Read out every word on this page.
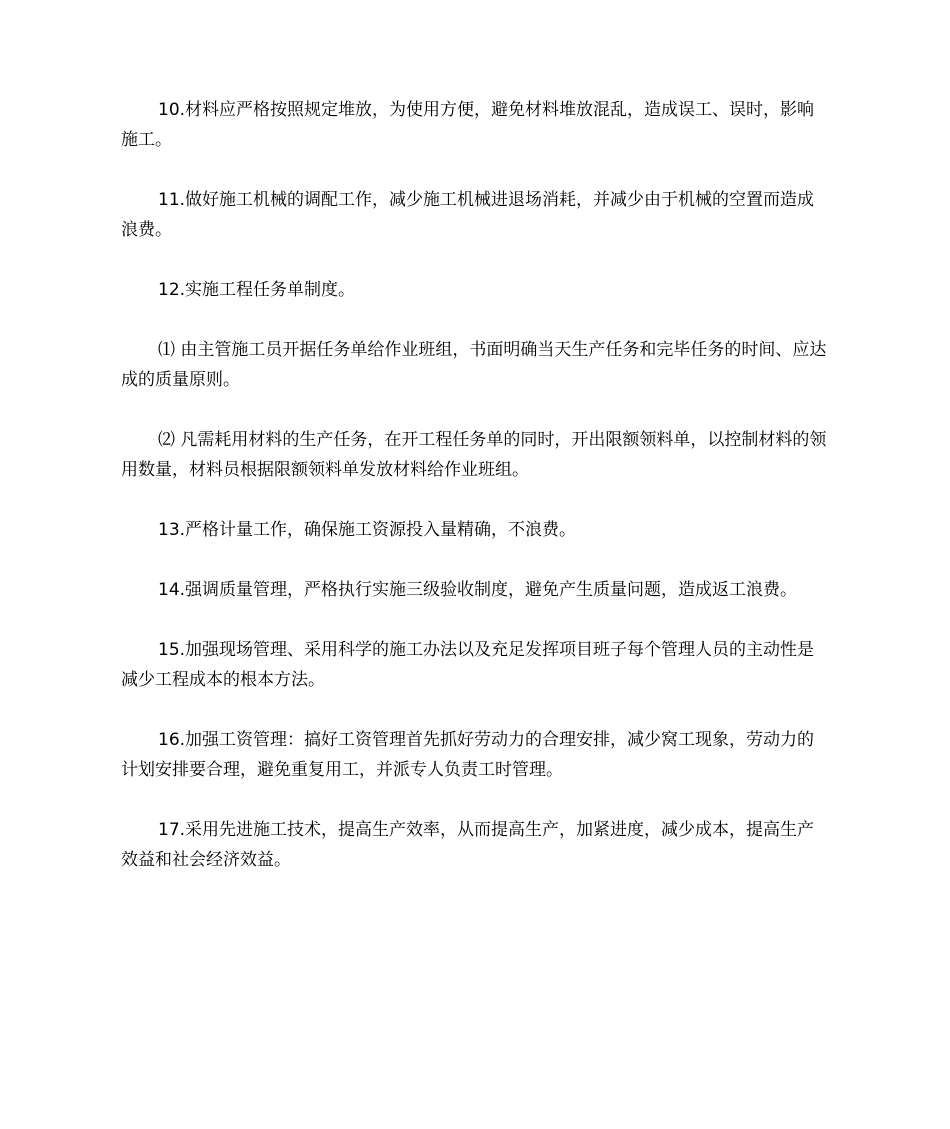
10.材料应严格按照规定堆放，为使用方便，避免材料堆放混乱，造成误工、误时，影响施工。

11.做好施工机械的调配工作，减少施工机械进退场消耗，并减少由于机械的空置而造成浪费。

12.实施工程任务单制度。

⑴ 由主管施工员开据任务单给作业班组，书面明确当天生产任务和完毕任务的时间、应达成的质量原则。

⑵ 凡需耗用材料的生产任务，在开工程任务单的同时，开出限额领料单，以控制材料的领用数量，材料员根据限额领料单发放材料给作业班组。

13.严格计量工作，确保施工资源投入量精确，不浪费。

14.强调质量管理，严格执行实施三级验收制度，避免产生质量问题，造成返工浪费。

15.加强现场管理、采用科学的施工办法以及充足发挥项目班子每个管理人员的主动性是减少工程成本的根本方法。

16.加强工资管理：搞好工资管理首先抓好劳动力的合理安排，减少窝工现象，劳动力的计划安排要合理，避免重复用工，并派专人负责工时管理。

17.采用先进施工技术，提高生产效率，从而提高生产，加紧进度，减少成本，提高生产效益和社会经济效益。
